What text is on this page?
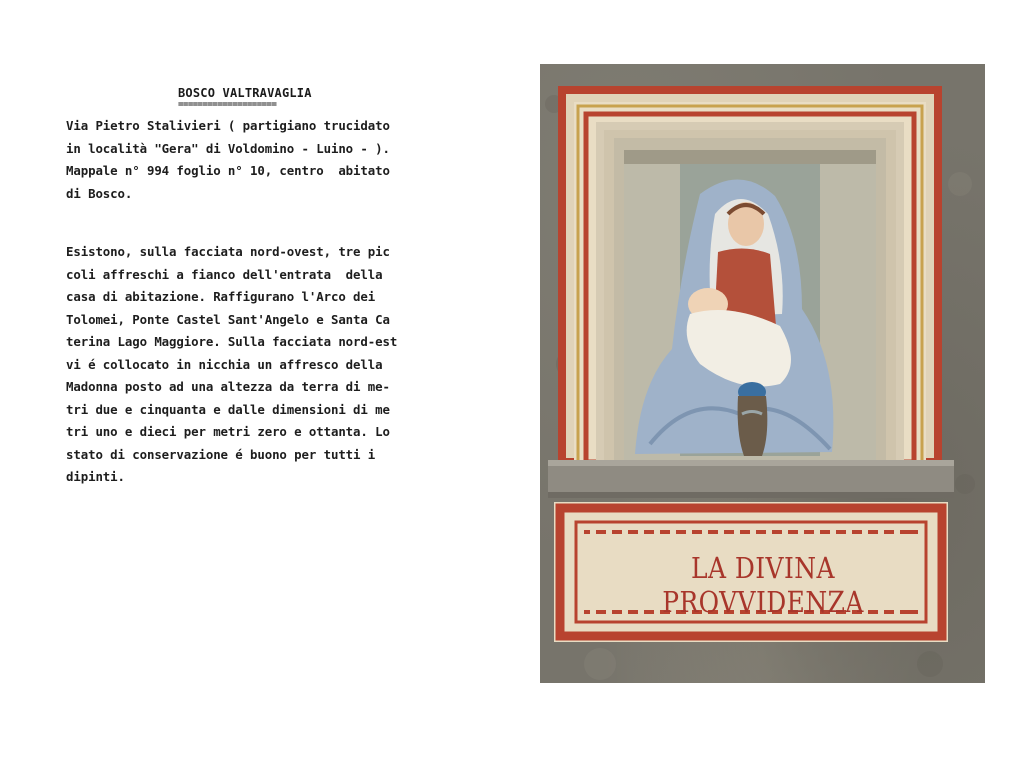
BOSCO VALTRAVAGLIA
====================
Via Pietro Stalivieri ( partigiano trucidato
in località "Gera" di Voldomino - Luino - ).
Mappale n° 994 foglio n° 10, centro  abitato
di Bosco.
Esistono, sulla facciata nord-ovest, tre pic
coli affreschi a fianco dell'entrata  della
casa di abitazione. Raffigurano l'Arco dei
Tolomei, Ponte Castel Sant'Angelo e Santa Ca
terina Lago Maggiore. Sulla facciata nord-est
vi é collocato in nicchia un affresco della
Madonna posto ad una altezza da terra di me-
tri due e cinquanta e dalle dimensioni di me
tri uno e dieci per metri zero e ottanta. Lo
stato di conservazione é buono per tutti i
dipinti.
LA DIVINA PROVVIDENZA
